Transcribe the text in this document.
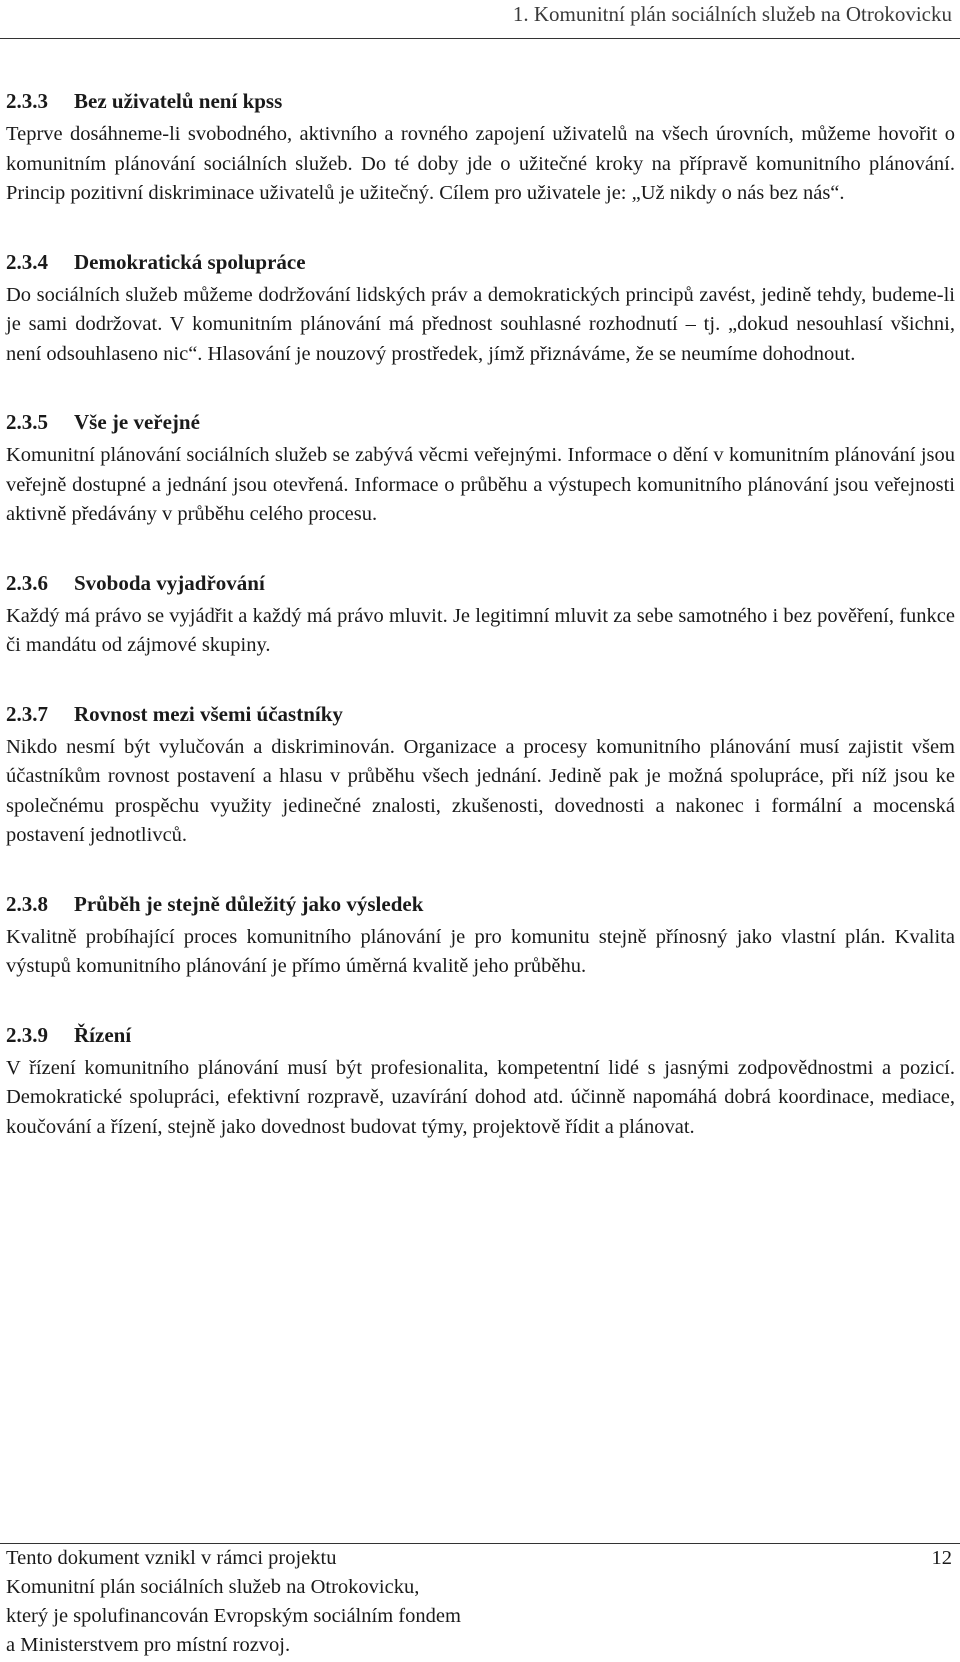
1. Komunitní plán sociálních služeb na Otrokovicku
2.3.3 Bez uživatelů není kpss

Teprve dosáhneme-li svobodného, aktivního a rovného zapojení uživatelů na všech úrovních, můžeme hovořit o komunitním plánování sociálních služeb. Do té doby jde o užitečné kroky na přípravě komunitního plánování. Princip pozitivní diskriminace uživatelů je užitečný. Cílem pro uživatele je: „Už nikdy o nás bez nás“.

2.3.4 Demokratická spolupráce

Do sociálních služeb můžeme dodržování lidských práv a demokratických principů zavést, jedině tehdy, budeme-li je sami dodržovat. V komunitním plánování má přednost souhlasné rozhodnutí – tj. „dokud nesouhlasí všichni, není odsouhlaseno nic“. Hlasování je nouzový prostředek, jímž přiznáváme, že se neumíme dohodnout.

2.3.5 Vše je veřejné

Komunitní plánování sociálních služeb se zabývá věcmi veřejnými. Informace o dění v komunitním plánování jsou veřejně dostupné a jednání jsou otevřená. Informace o průběhu a výstupech komunitního plánování jsou veřejnosti aktivně předávány v průběhu celého procesu.

2.3.6 Svoboda vyjadřování

Každý má právo se vyjádřit a každý má právo mluvit. Je legitimní mluvit za sebe samotného i bez pověření, funkce či mandátu od zájmové skupiny.

2.3.7 Rovnost mezi všemi účastníky

Nikdo nesmí být vylučován a diskriminován. Organizace a procesy komunitního plánování musí zajistit všem účastníkům rovnost postavení a hlasu v průběhu všech jednání. Jedině pak je možná spolupráce, při níž jsou ke společnému prospěchu využity jedinečné znalosti, zkušenosti, dovednosti a nakonec i formální a mocenská postavení jednotlivců.

2.3.8 Průběh je stejně důležitý jako výsledek

Kvalitně probíhající proces komunitního plánování je pro komunitu stejně přínosný jako vlastní plán. Kvalita výstupů komunitního plánování je přímo úměrná kvalitě jeho průběhu.

2.3.9 Řízení

V řízení komunitního plánování musí být profesionalita, kompetentní lidé s jasnými zodpovědnostmi a pozicí. Demokratické spolupráci, efektivní rozpravě, uzavírání dohod atd. účinně napomáhá dobrá koordinace, mediace, koučování a řízení, stejně jako dovednost budovat týmy, projektově řídit a plánovat.

Tento dokument vznikl v rámci projektu
Komunitní plán sociálních služeb na Otrokovicku,
který je spolufinancován Evropským sociálním fondem
a Ministerstvem pro místní rozvoj.
12
